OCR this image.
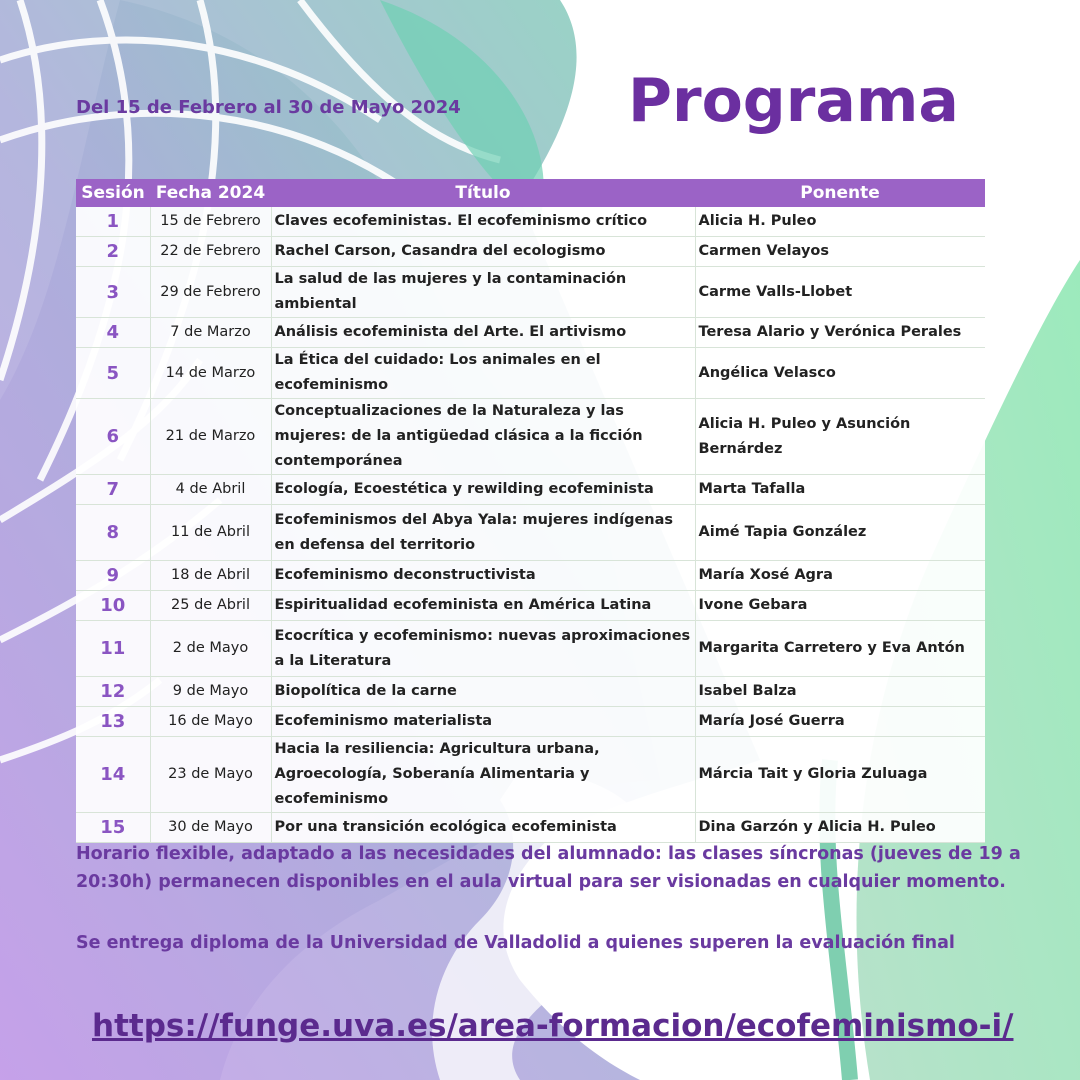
Del 15 de Febrero al 30 de Mayo 2024	Programa
Sesión	Fecha 2024	Título	Ponente
1	15 de Febrero	Claves ecofeministas. El ecofeminismo crítico	Alicia H. Puleo
2	22 de Febrero	Rachel Carson, Casandra del ecologismo	Carmen Velayos
3	29 de Febrero	La salud de las mujeres y la contaminación ambiental	Carme Valls-Llobet
4	7 de Marzo	Análisis ecofeminista del Arte. El artivismo	Teresa Alario y Verónica Perales
5	14 de Marzo	La Ética del cuidado: Los animales en el ecofeminismo	Angélica Velasco
6	21 de Marzo	Conceptualizaciones de la Naturaleza y las mujeres: de la antigüedad clásica a la ficción contemporánea	Alicia H. Puleo y Asunción Bernárdez
7	4 de Abril	Ecología, Ecoestética y rewilding ecofeminista	Marta Tafalla
8	11 de Abril	Ecofeminismos del Abya Yala: mujeres indígenas en defensa del territorio	Aimé Tapia González
9	18 de Abril	Ecofeminismo deconstructivista	María Xosé Agra
10	25 de Abril	Espiritualidad ecofeminista en América Latina	Ivone Gebara
11	2 de Mayo	Ecocrítica y ecofeminismo: nuevas aproximaciones a la Literatura	Margarita Carretero y Eva Antón
12	9 de Mayo	Biopolítica de la carne	Isabel Balza
13	16 de Mayo	Ecofeminismo materialista	María José Guerra
14	23 de Mayo	Hacia la resiliencia: Agricultura urbana, Agroecología, Soberanía Alimentaria y ecofeminismo	Márcia Tait y Gloria Zuluaga
15	30 de Mayo	Por una transición ecológica ecofeminista	Dina Garzón y Alicia H. Puleo
Horario flexible, adaptado a las necesidades del alumnado: las clases síncronas (jueves de 19 a 20:30h) permanecen disponibles en el aula virtual para ser visionadas en cualquier momento.
Se entrega diploma de la Universidad de Valladolid a quienes superen la evaluación final
https://funge.uva.es/area-formacion/ecofeminismo-i/
